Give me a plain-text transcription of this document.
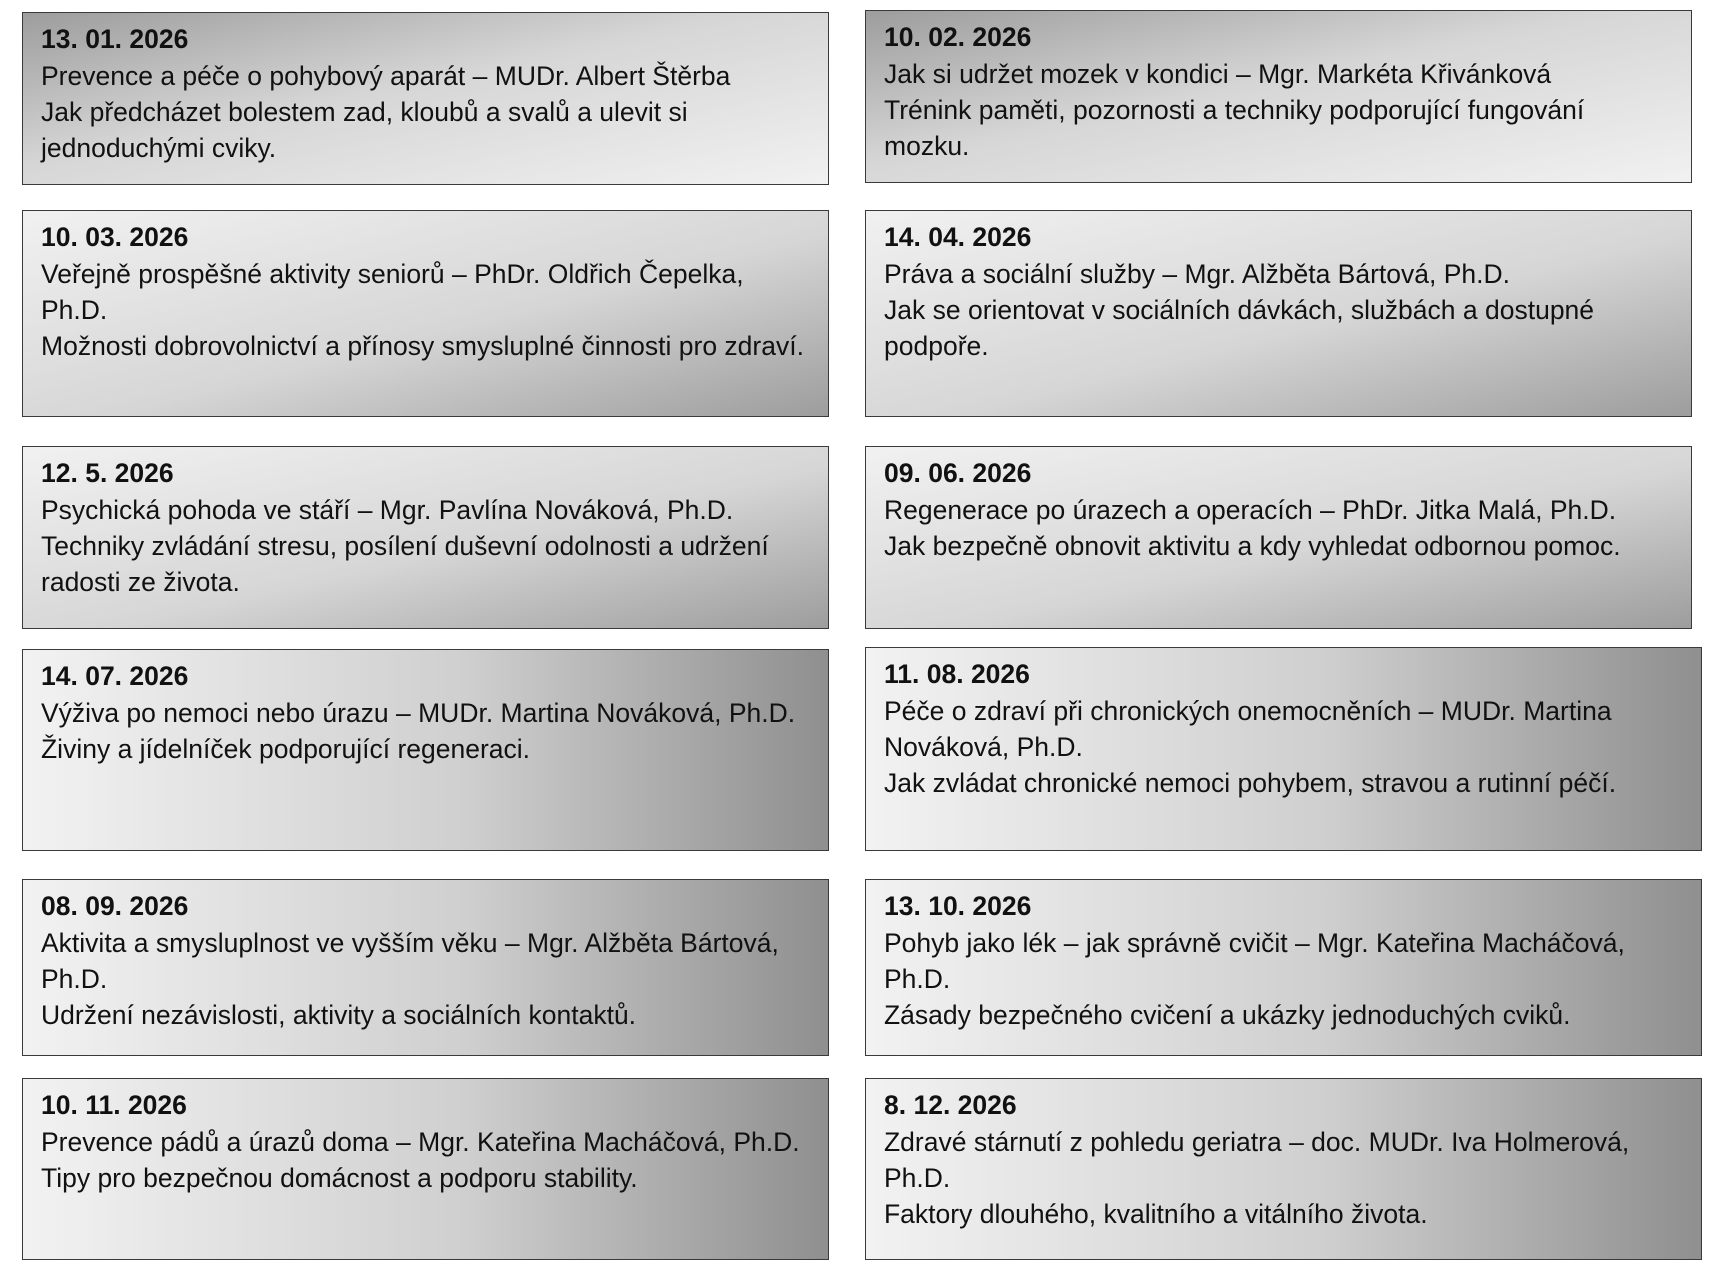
13. 01. 2026
Prevence a péče o pohybový aparát – MUDr. Albert Štěrba
Jak předcházet bolestem zad, kloubů a svalů a ulevit si jednoduchými cviky.
10. 02. 2026
Jak si udržet mozek v kondici – Mgr. Markéta Křivánková
Trénink paměti, pozornosti a techniky podporující fungování mozku.
10. 03. 2026
Veřejně prospěšné aktivity seniorů – PhDr. Oldřich Čepelka, Ph.D.
Možnosti dobrovolnictví a přínosy smysluplné činnosti pro zdraví.
14. 04. 2026
Práva a sociální služby – Mgr. Alžběta Bártová, Ph.D.
Jak se orientovat v sociálních dávkách, službách a dostupné podpoře.
12. 5. 2026
Psychická pohoda ve stáří – Mgr. Pavlína Nováková, Ph.D.
Techniky zvládání stresu, posílení duševní odolnosti a udržení radosti ze života.
09. 06. 2026
Regenerace po úrazech a operacích – PhDr. Jitka Malá, Ph.D.
Jak bezpečně obnovit aktivitu a kdy vyhledat odbornou pomoc.
14. 07. 2026
Výživa po nemoci nebo úrazu – MUDr. Martina Nováková, Ph.D.
Živiny a jídelníček podporující regeneraci.
11. 08. 2026
Péče o zdraví při chronických onemocněních – MUDr. Martina Nováková, Ph.D.
Jak zvládat chronické nemoci pohybem, stravou a rutinní péčí.
08. 09. 2026
Aktivita a smysluplnost ve vyšším věku – Mgr. Alžběta Bártová, Ph.D.
Udržení nezávislosti, aktivity a sociálních kontaktů.
13. 10. 2026
Pohyb jako lék – jak správně cvičit – Mgr. Kateřina Macháčová, Ph.D.
Zásady bezpečného cvičení a ukázky jednoduchých cviků.
10. 11. 2026
Prevence pádů a úrazů doma – Mgr. Kateřina Macháčová, Ph.D.
Tipy pro bezpečnou domácnost a podporu stability.
8. 12. 2026
Zdravé stárnutí z pohledu geriatra – doc. MUDr. Iva Holmerová, Ph.D.
Faktory dlouhého, kvalitního a vitálního života.
